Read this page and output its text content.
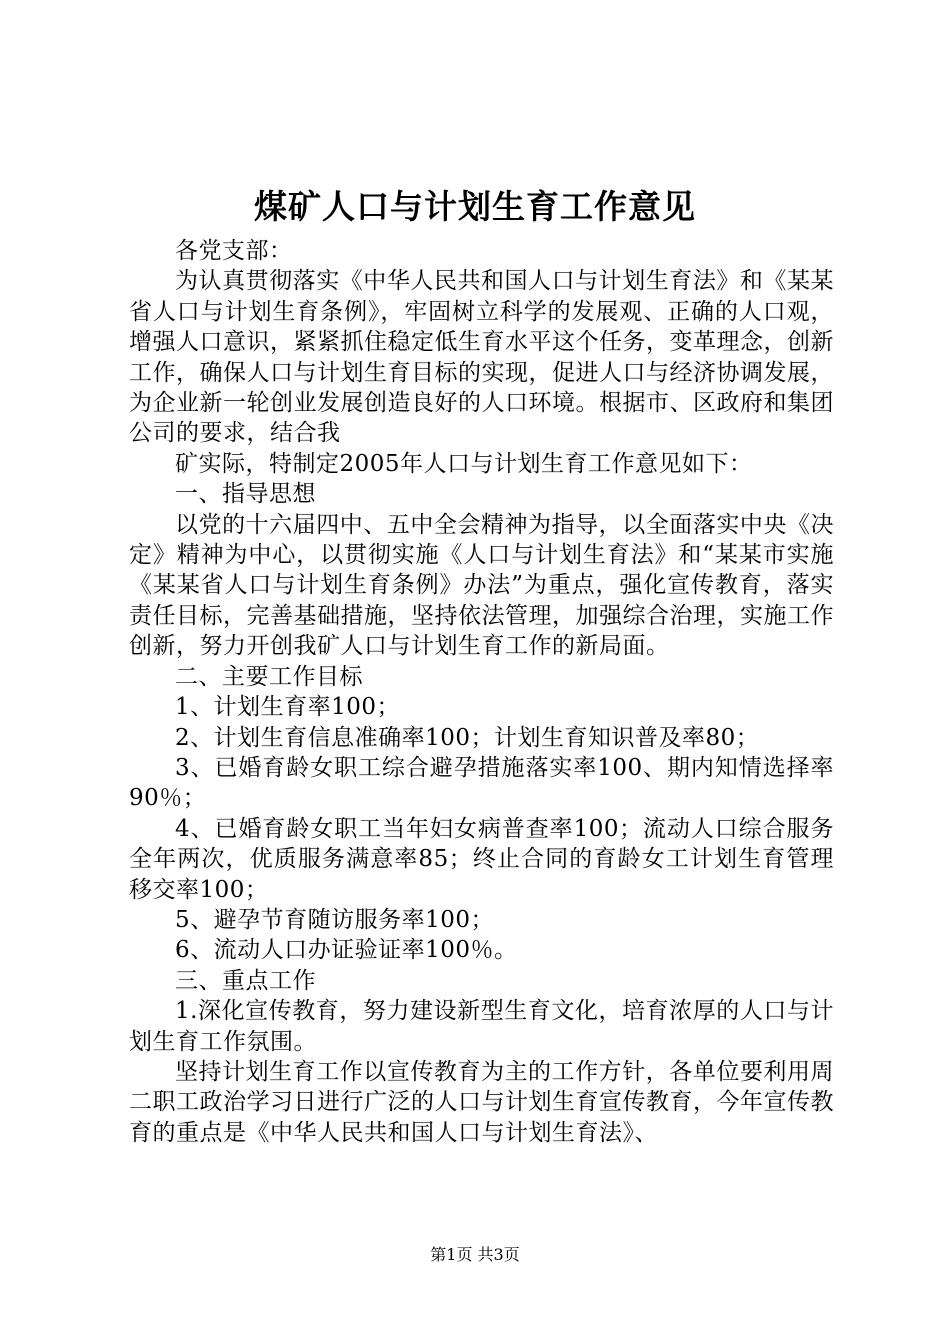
煤矿人口与计划生育工作意见

各党支部：

为认真贯彻落实《中华人民共和国人口与计划生育法》和《某某省人口与计划生育条例》，牢固树立科学的发展观、正确的人口观，增强人口意识，紧紧抓住稳定低生育水平这个任务，变革理念，创新工作，确保人口与计划生育目标的实现，促进人口与经济协调发展，为企业新一轮创业发展创造良好的人口环境。根据市、区政府和集团公司的要求，结合我

矿实际，特制定2005年人口与计划生育工作意见如下：

一、指导思想

以党的十六届四中、五中全会精神为指导，以全面落实中央《决定》精神为中心，以贯彻实施《人口与计划生育法》和“某某市实施《某某省人口与计划生育条例》办法”为重点，强化宣传教育，落实责任目标，完善基础措施，坚持依法管理，加强综合治理，实施工作创新，努力开创我矿人口与计划生育工作的新局面。

二、主要工作目标

1、计划生育率100；

2、计划生育信息准确率100；计划生育知识普及率80；

3、已婚育龄女职工综合避孕措施落实率100、期内知情选择率90％；

4、已婚育龄女职工当年妇女病普查率100；流动人口综合服务全年两次，优质服务满意率85；终止合同的育龄女工计划生育管理移交率100；

5、避孕节育随访服务率100；

6、流动人口办证验证率100％。

三、重点工作

1.深化宣传教育，努力建设新型生育文化，培育浓厚的人口与计划生育工作氛围。

坚持计划生育工作以宣传教育为主的工作方针，各单位要利用周二职工政治学习日进行广泛的人口与计划生育宣传教育，今年宣传教育的重点是《中华人民共和国人口与计划生育法》、

第1页 共3页
